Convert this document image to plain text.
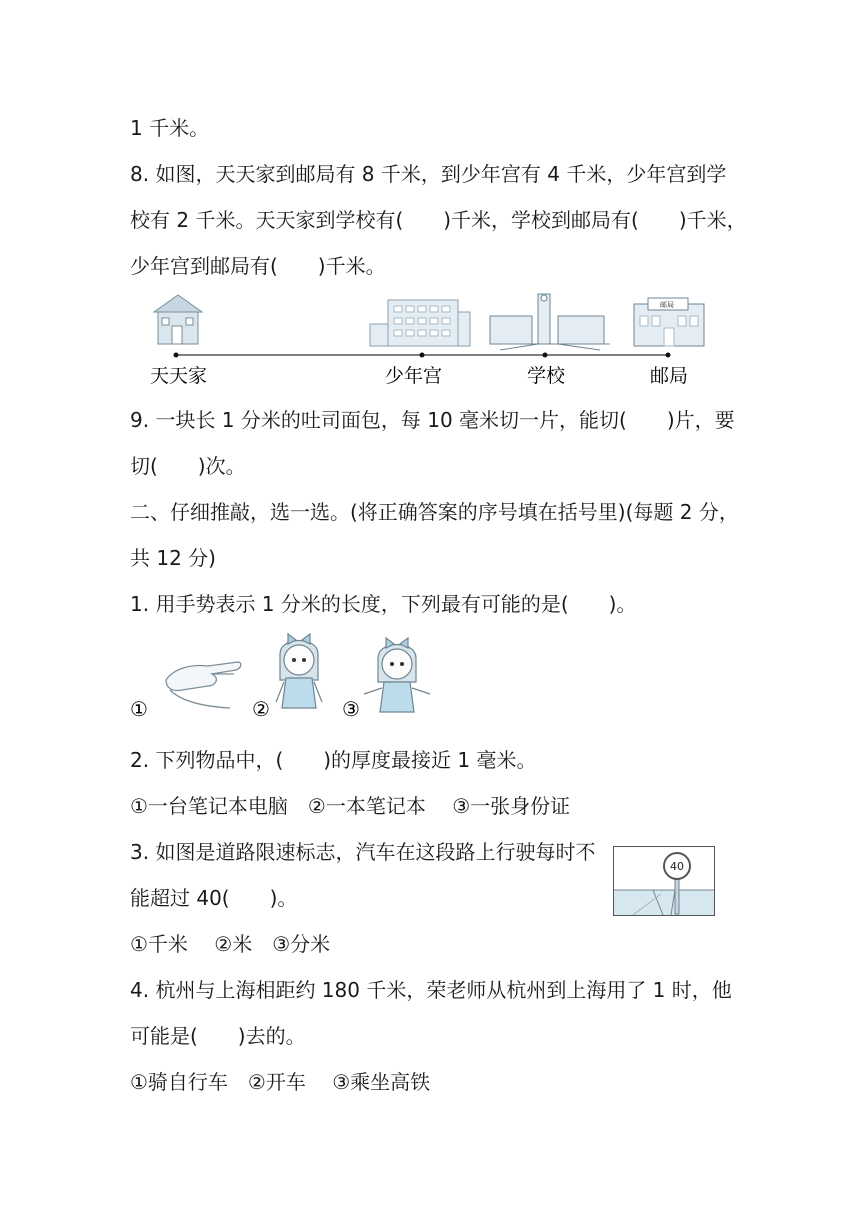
1 千米。
8. 如图，天天家到邮局有 8 千米，到少年宫有 4 千米，少年宫到学
校有 2 千米。天天家到学校有(　　)千米，学校到邮局有(　　)千米，
少年宫到邮局有(　　)千米。
邮局
天天家	少年宫	学校	邮局
9. 一块长 1 分米的吐司面包，每 10 毫米切一片，能切(　　)片，要
切(　　)次。
二、仔细推敲，选一选。(将正确答案的序号填在括号里)(每题 2 分，
共 12 分)
1. 用手势表示 1 分米的长度，下列最有可能的是(　　)。
①	②	③
2. 下列物品中，(　　)的厚度最接近 1 毫米。
①一台笔记本电脑　②一本笔记本　 ③一张身份证
3. 如图是道路限速标志，汽车在这段路上行驶每时不
能超过 40(　　)。
40
①千米　 ②米　③分米
4. 杭州与上海相距约 180 千米，荣老师从杭州到上海用了 1 时，他
可能是(　　)去的。
①骑自行车　②开车　 ③乘坐高铁
